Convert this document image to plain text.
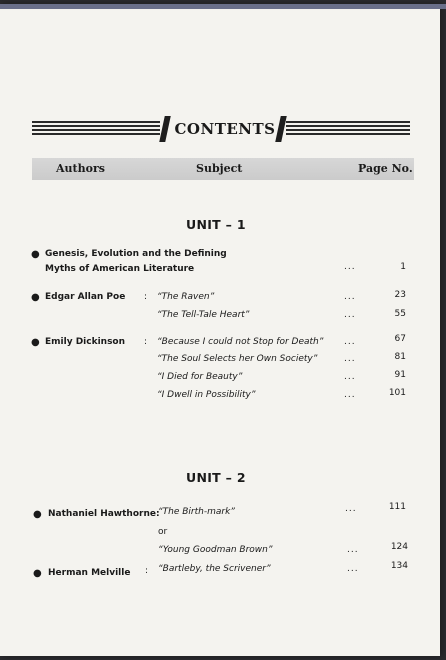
CONTENTS
Authors	Subject	Page No.
UNIT – 1
● Genesis, Evolution and the Defining
Myths of American Literature	...	1
● Edgar Allan Poe : “The Raven”	...	23
“The Tell-Tale Heart”	...	55
● Emily Dickinson : “Because I could not Stop for Death” ...	67
“The Soul Selects her Own Society”	...	81
“I Died for Beauty”	...	91
“I Dwell in Possibility”	...	101
UNIT – 2
● Nathaniel Hawthorne:
“The Birth-mark”	...	111
or
“Young Goodman Brown”	...	124
● Herman Melville : “Bartleby, the Scrivener”	...	134
